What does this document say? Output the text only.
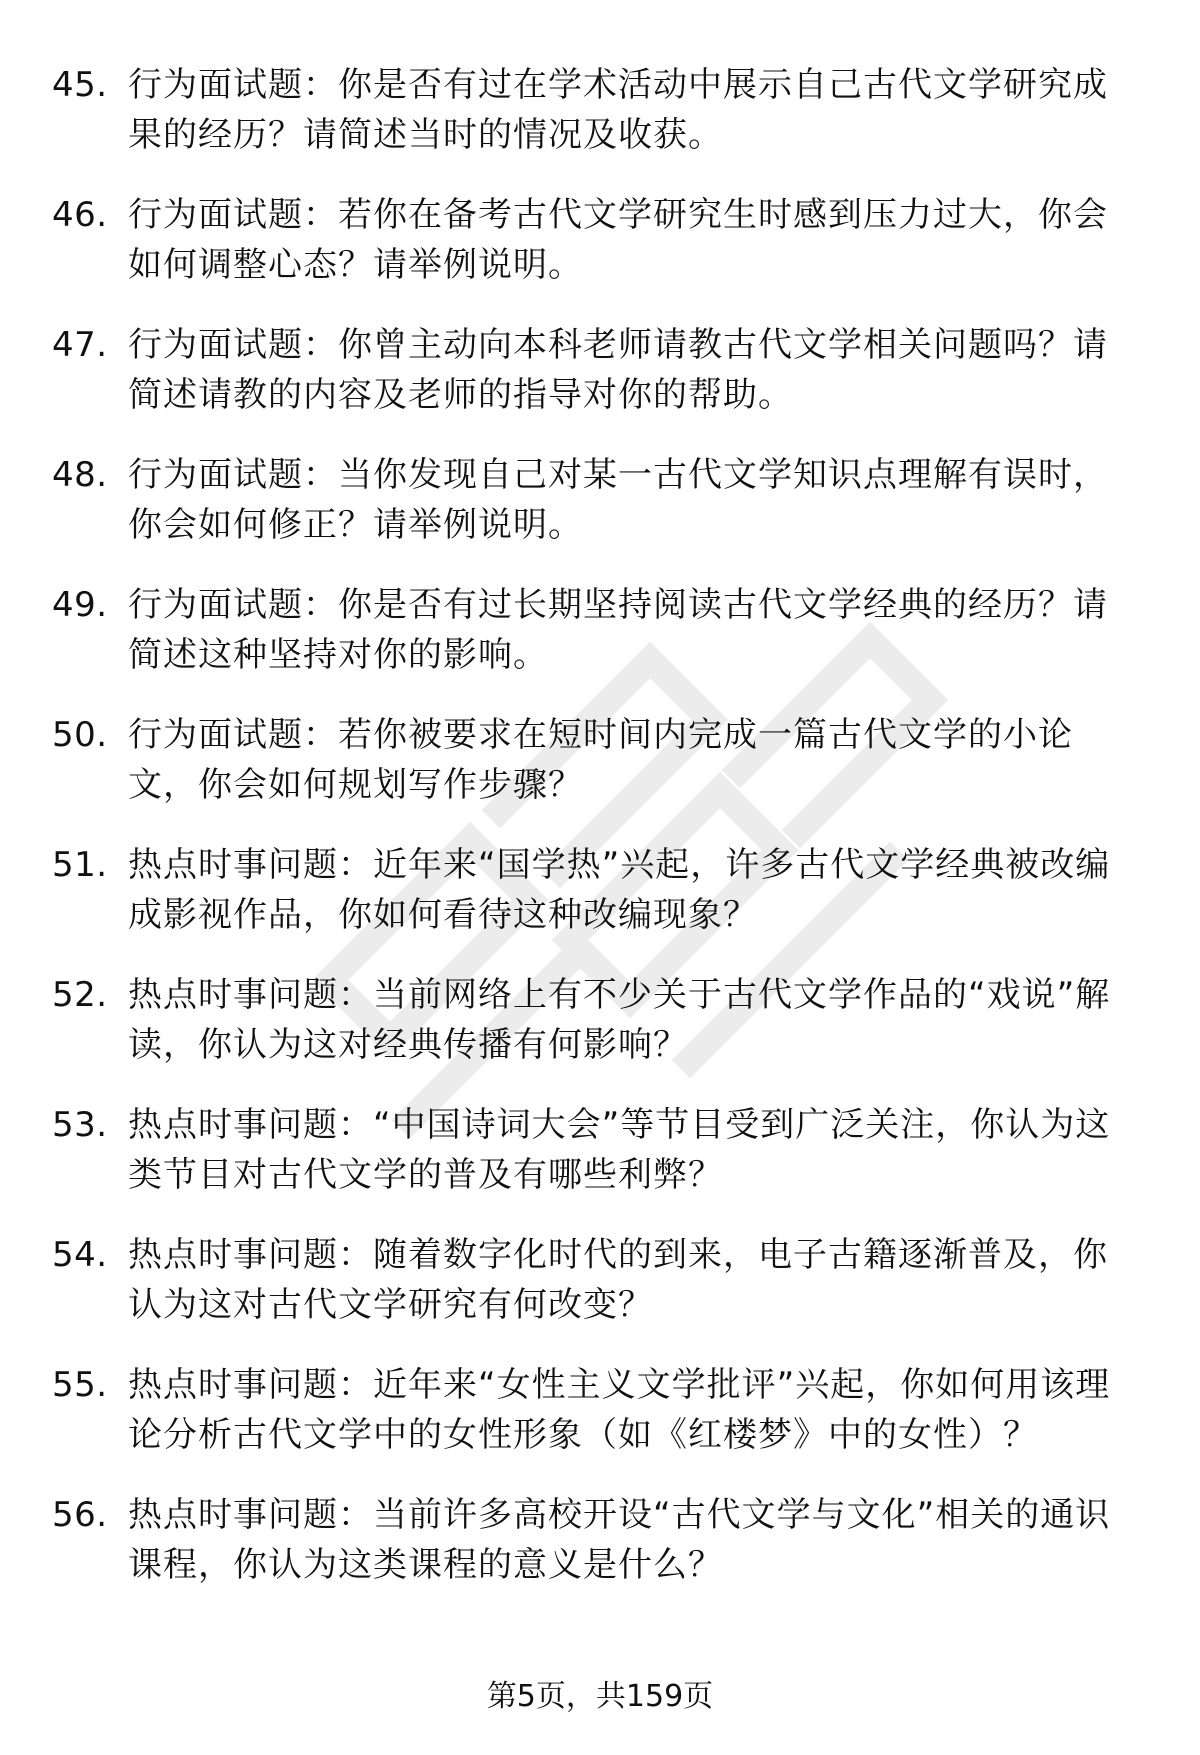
45. 行为面试题：你是否有过在学术活动中展示自己古代文学研究成果的经历？请简述当时的情况及收获。
46. 行为面试题：若你在备考古代文学研究生时感到压力过大，你会如何调整心态？请举例说明。
47. 行为面试题：你曾主动向本科老师请教古代文学相关问题吗？请简述请教的内容及老师的指导对你的帮助。
48. 行为面试题：当你发现自己对某一古代文学知识点理解有误时，你会如何修正？请举例说明。
49. 行为面试题：你是否有过长期坚持阅读古代文学经典的经历？请简述这种坚持对你的影响。
50. 行为面试题：若你被要求在短时间内完成一篇古代文学的小论文，你会如何规划写作步骤？
51. 热点时事问题：近年来“国学热”兴起，许多古代文学经典被改编成影视作品，你如何看待这种改编现象？
52. 热点时事问题：当前网络上有不少关于古代文学作品的“戏说”解读，你认为这对经典传播有何影响？
53. 热点时事问题：“中国诗词大会”等节目受到广泛关注，你认为这类节目对古代文学的普及有哪些利弊？
54. 热点时事问题：随着数字化时代的到来，电子古籍逐渐普及，你认为这对古代文学研究有何改变？
55. 热点时事问题：近年来“女性主义文学批评”兴起，你如何用该理论分析古代文学中的女性形象（如《红楼梦》中的女性）？
56. 热点时事问题：当前许多高校开设“古代文学与文化”相关的通识课程，你认为这类课程的意义是什么？
第5页，共159页
